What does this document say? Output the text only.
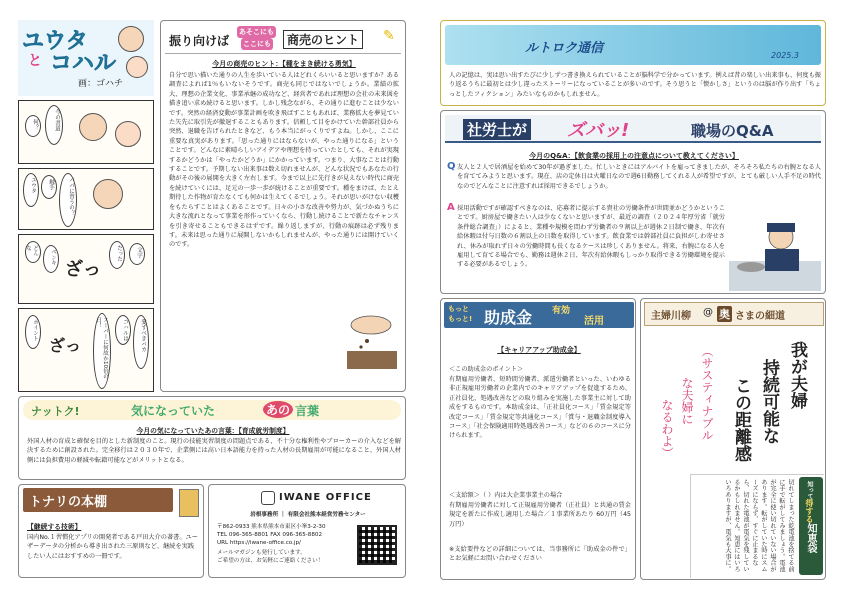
ユウタ
と コハル
画：ゴハチ
何？	今の書道
ユウタ	触手	パパに習うの？
どんな
ペンキ
ざっ
だった	文字
ポイント
ざっ	スーパーに何故か10倍の日！	コハルは	愛すべきバカ
振り向けば
あそこにも
ここにも	商売のヒント ✎
今月の商売のヒント：【種をまき続ける勇気】
自分で思い描いた通りの人生を歩いている人はどれくらいいると思いますか？ある調査によれば1％もいないそうです。商売も同じではないでしょうか。業績の拡大、理想の企業文化、事業承継の成功など、経営者であれば理想の会社の未来図を描き追い求め続けると思います。しかし残念ながら、その通りに進むことは少ないです。突然の経済変動が事業計画を吹き飛ばすこともあれば、業務拡大を夢見ていた矢先に取引先が撤退することもあります。信頼して目をかけていた幹部社員から突然、退職を告げられたときなど、もう本当にがっくりですよね。しかし、ここに重要な真実があります。「思った通りにはならないが、やった通りになる」ということです。どんなに素晴らしいアイデアや理想を持っていたとしても、それが実現するかどうかは「やったかどうか」にかかっています。つまり、大事なことは行動することです。予期しない出来事は数え切れませんが、どんな状況でもあなたの行動がその後の展開を大きく左右します。今まで以上に先行きが見えない時代に商売を続けていくには、足元の一歩一歩が続けることが重要です。種をまけば、たとえ期待した作物が育たなくても何かは生えてくるでしょう。それが思いがけない収穫をもたらすことはよくあることです。日々の小さな改善や努力が、気づかぬうちに大きな流れとなって事業を形作っていくなら、行動し続けることで新たなチャンスを引き寄せることもできるはずです。繰り返しますが、行動の痕跡は必ず残ります。未来は思った通りに展開しないかもしれませんが、やった通りには開けていくのです。
ナットク!	気になっていた	あの 言葉
今月の気になっていたあの言葉：【育成就労制度】
外国人材の育成と確保を目的とした新制度のこと。現行の技能実習制度の問題点である、不十分な権利性やブローカーの介入などを解決するために創設された。完全移行は２０３０年で、企業側には高い日本語能力を持った人材の長期雇用が可能になること、外国人材側には負担費用の軽減や転籍可能などがメリットとなる。
トナリの本棚
【継続する技術】
国内No.１習慣化アプリの開発者である戸田大介の著書。ユーザーデータの分析から導き出された三原則など、継続を実践したい人にはおすすめの一冊です。
IWANE OFFICE
岩根事務所 ｜ 有限会社熊本経営労務センター
〒862-0933 熊本県熊本市東区小峯3-2-30
TEL 096-365-8801 FAX 096-365-8802
URL https://iwane-office.co.jp/
メールマガジンも発行しています。
ご希望の方は、お気軽にご連絡ください！
ルトロク通信	2025.3
人の記憶は、実は思い出すたびに少しずつ書き換えられていることが脳科学で分かっています。例えば昔の楽しい出来事も、何度も振り返るうちに最初とは少し違ったストーリーになっていることが多いのです。そう思うと「懐かしさ」というのは脳が作り出す「ちょっとしたフィクション」みたいなものかもしれません。
社労士が ズバッ!	職場のQ&A
今月のQ&A：【飲食業の採用上の注意点について教えてください】
Q 友人と２人で居酒屋を始めて30年が過ぎました。忙しいときにはアルバイトを雇ってきましたが、そろそろ私たちの右腕となる人を育ててみようと思います。現在、店の定休日は火曜日なので週6日勤務してくれる人が希望ですが、とても厳しい人手不足の時代なのでどんなことに注意すれば採用できるでしょうか。
A 採用活動ですが確認すべきなのは、応募者に提示する貴社の労働条件が世間並かどうかということです。厨房屋で働きたい人は少なくないと思いますが、最近の調査（２０２４年厚労省「就労条件総合調査」）によると、業種や規模を問わず労働者の９割以上が週休２日制で働き、年次有給休暇は付与日数の６割以上の日数を取得しています。飲食業では幹部社員に負担がしわ寄せされ、休みが取れず日々の労働時間も長くなるケースは珍しくありません。将来、右腕になる人を雇用して育てる場合でも、勤務は週休２日、年次有給休暇もしっかり取得できる労働環境を提示する必要があるでしょう。
もっと
もっと! 助成金 有効
活用
【キャリアアップ助成金】
＜この助成金のポイント＞
有期雇用労働者、短時間労働者、派遣労働者といった、いわゆる非正規雇用労働者の企業内でのキャリアアップを促進するため、正社員化、処遇改善などの取り組みを実施した事業主に対して助成をするものです。本助成金は、「正社員化コース」「賃金規定等改定コース」「賃金規定等共通化コース」「賞与・退職金制度導入コース」「社会保険適用時処遇改善コース」などの６のコースに分けられます。
＜支給額＞（ ）内は大企業事業主の場合
有期雇用労働者に対して正規雇用労働者（正社員）と共通の賃金規定を新たに作成し適用した場合／１事業所あたり 60万円（45万円）
※支給要件などの詳細については、当事務所に「助成金の件で」とお気軽にお問い合わせください
主婦川柳 @ 奥 さまの細道
我が夫婦
持続可能な
この距離感
（サスティナブル
な夫婦に
なるわよ）
切れてしまった乾電池を捨てる前に手で転がしてみましょう。電池が完全に使い切れていない場合があります。転がしていた時にスムーズにならず、すぐに止まるなら、切れた電池が電気を残しているかもしれません。知恵にはいろいろありますが、電気も大事に。	知って
得する
知恵袋
